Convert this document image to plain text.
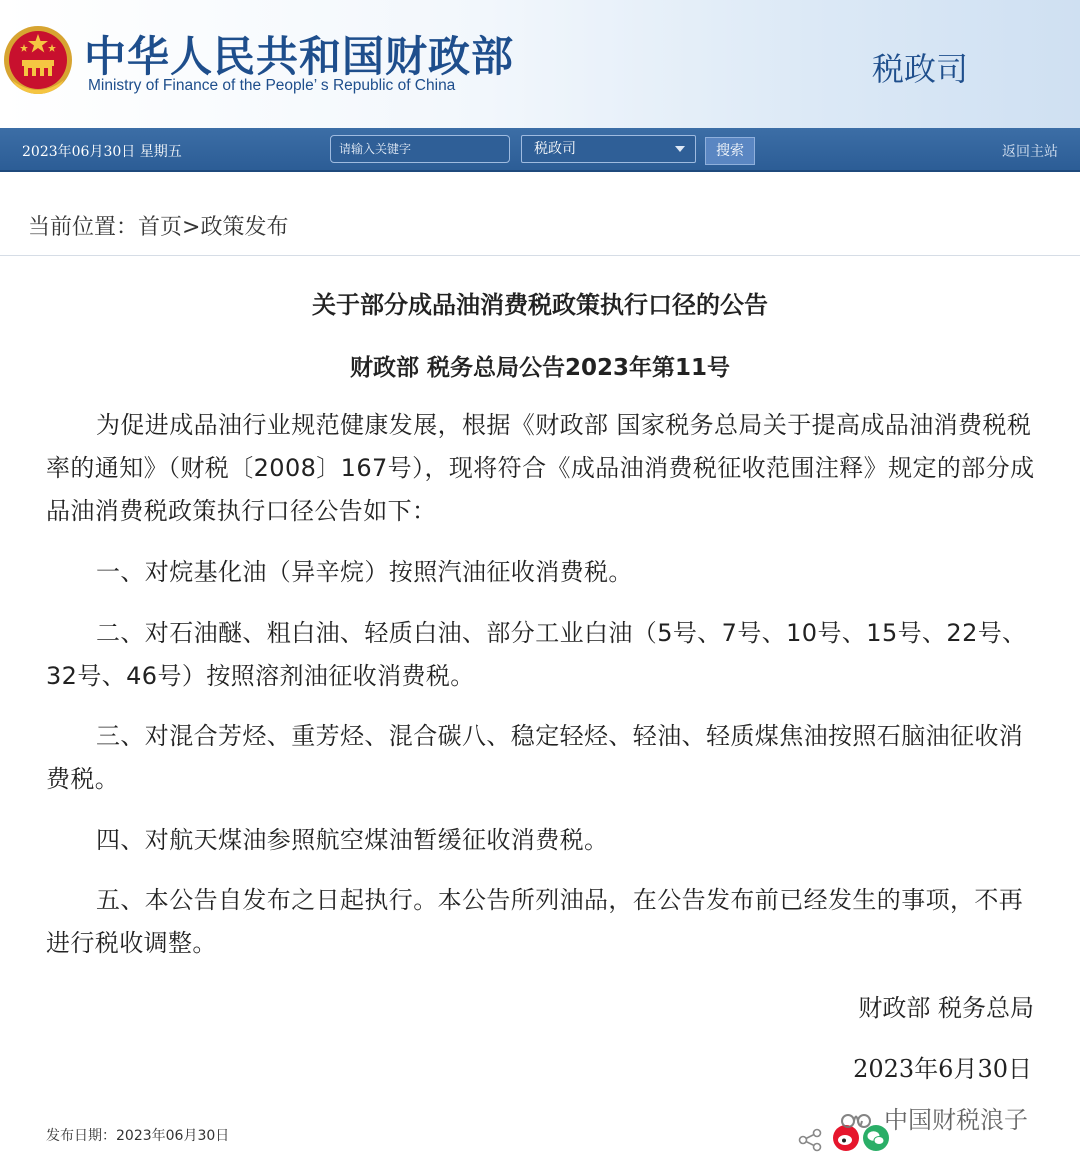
中华人民共和国财政部
Ministry of Finance of the People’ s Republic of China	税政司
2023年06月30日 星期五
请输入关键字	税政司	搜索	返回主站
当前位置：首页>政策发布
关于部分成品油消费税政策执行口径的公告
财政部 税务总局公告2023年第11号
为促进成品油行业规范健康发展，根据《财政部 国家税务总局关于提高成品油消费税税率的通知》（财税〔2008〕167号），现将符合《成品油消费税征收范围注释》规定的部分成品油消费税政策执行口径公告如下：
一、对烷基化油（异辛烷）按照汽油征收消费税。
二、对石油醚、粗白油、轻质白油、部分工业白油（5号、7号、10号、15号、22号、32号、46号）按照溶剂油征收消费税。
三、对混合芳烃、重芳烃、混合碳八、稳定轻烃、轻油、轻质煤焦油按照石脑油征收消费税。
四、对航天煤油参照航空煤油暂缓征收消费税。
五、本公告自发布之日起执行。本公告所列油品，在公告发布前已经发生的事项，不再进行税收调整。
财政部 税务总局
2023年6月30日
发布日期：2023年06月30日
中国财税浪子
